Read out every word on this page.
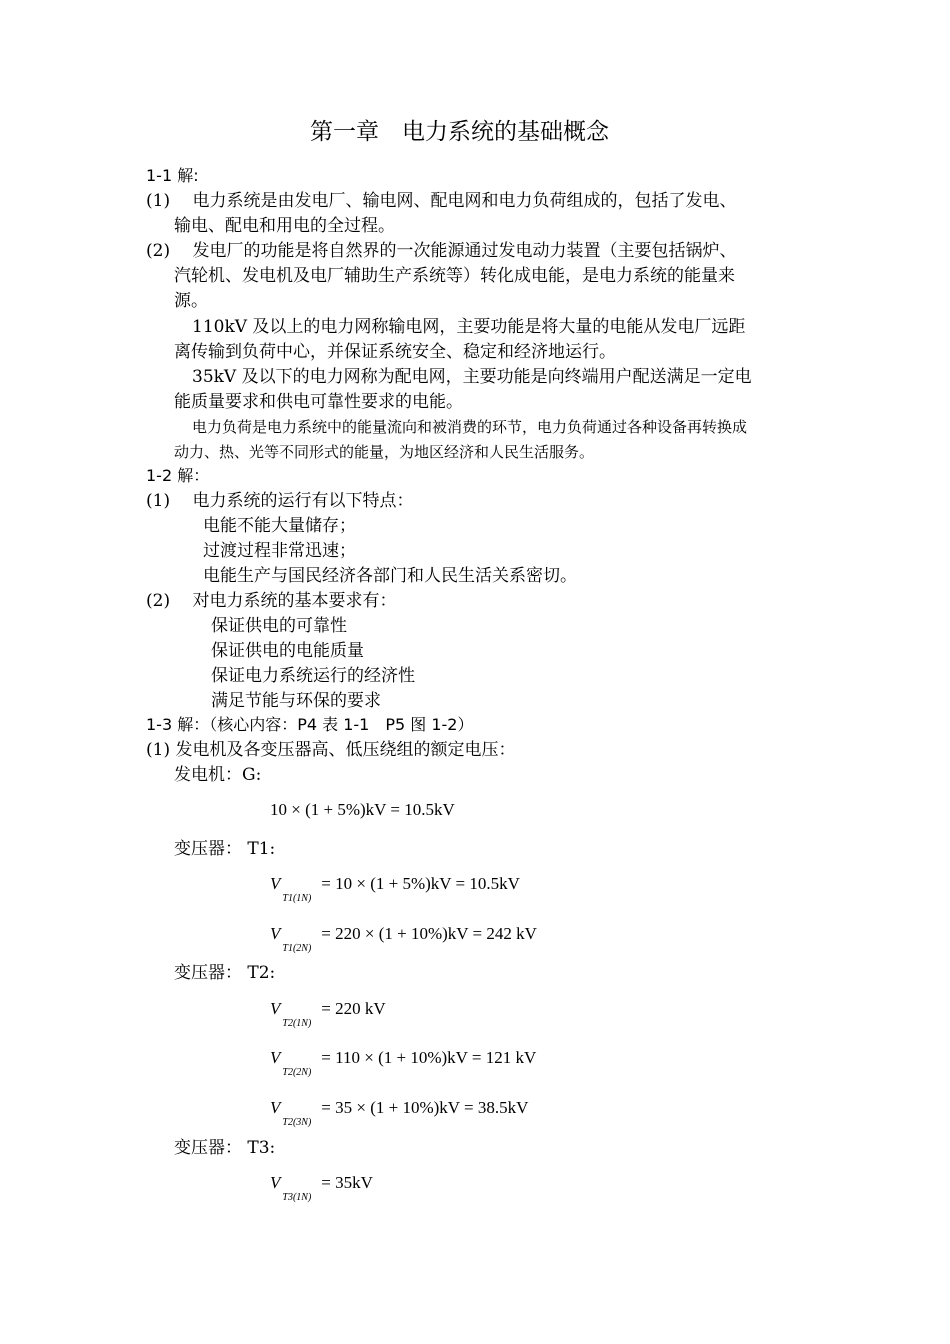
第一章　电力系统的基础概念
1-1 解:
(1)　 电力系统是由发电厂、输电网、配电网和电力负荷组成的，包括了发电、
输电、配电和用电的全过程。
(2)　 发电厂的功能是将自然界的一次能源通过发电动力装置（主要包括锅炉、
汽轮机、发电机及电厂辅助生产系统等）转化成电能，是电力系统的能量来
源。
110kV 及以上的电力网称输电网，主要功能是将大量的电能从发电厂远距
离传输到负荷中心，并保证系统安全、稳定和经济地运行。
35kV 及以下的电力网称为配电网，主要功能是向终端用户配送满足一定电
能质量要求和供电可靠性要求的电能。
电力负荷是电力系统中的能量流向和被消费的环节，电力负荷通过各种设备再转换成
动力、热、光等不同形式的能量，为地区经济和人民生活服务。
1-2 解：
(1)　 电力系统的运行有以下特点：
电能不能大量储存；
过渡过程非常迅速；
电能生产与国民经济各部门和人民生活关系密切。
(2)　 对电力系统的基本要求有：
保证供电的可靠性
保证供电的电能质量
保证电力系统运行的经济性
满足节能与环保的要求
1-3 解：（核心内容：P4 表 1-1　P5 图 1-2）
(1) 发电机及各变压器高、低压绕组的额定电压：
发电机：G:
10 × (1 + 5%)kV = 10.5kV
变压器： T1:
$V_{T1(1N)}= 10 \times (1 + 5\%)kV = 10.5kV$
$V_{T1(2N)}= 220 \times (1 + 10\%)kV = 242$ kV
变压器： T2:
$V_{T2(1N)}= 220$ kV
$V_{T2(2N)}= 110 \times (1 + 10\%)kV = 121$ kV
$V_{T2(3N)}= 35 \times (1 + 10\%)kV = 38.5kV$
变压器： T3:
$V_{T3(1N)}= 35kV$
